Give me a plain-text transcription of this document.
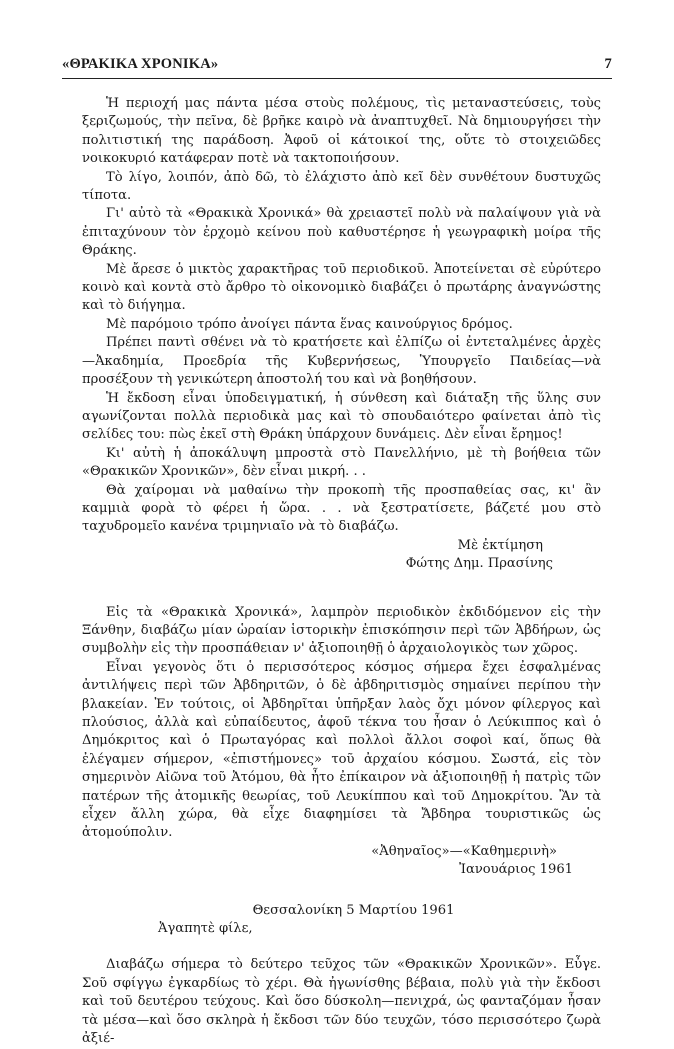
«ΘΡΑΚΙΚΑ ΧΡΟΝΙΚΑ»	7

Ἡ περιοχή μας πάντα μέσα στοὺς πολέμους, τὶς μεταναστεύσεις, τοὺς ξεριζωμούς, τὴν πεῖνα, δὲ βρῆκε καιρὸ νὰ ἀναπτυχθεῖ. Νὰ δημιουργήσει τὴν πολιτιστική της παράδοση. Ἀφοῦ οἱ κάτοικοί της, οὔτε τὸ στοιχειῶδες νοικοκυριό κατάφεραν ποτὲ νὰ τακτοποιήσουν.

Τὸ λίγο, λοιπόν, ἀπὸ δῶ, τὸ ἐλάχιστο ἀπὸ κεῖ δὲν συνθέτουν δυστυχῶς τίποτα.

Γι' αὐτὸ τὰ «Θρακικὰ Χρονικά» θὰ χρειαστεῖ πολὺ νὰ παλαίψουν γιὰ νὰ ἐπιταχύνουν τὸν ἐρχομὸ κείνου ποὺ καθυστέρησε ἡ γεωγραφικὴ μοίρα τῆς Θράκης.

Μὲ ἄρεσε ὁ μικτὸς χαρακτῆρας τοῦ περιοδικοῦ. Ἀποτείνεται σὲ εὐρύτερο κοινὸ καὶ κοντὰ στὸ ἄρθρο τὸ οἰκονομικὸ διαβάζει ὁ πρωτάρης ἀναγνώστης καὶ τὸ διήγημα.

Μὲ παρόμοιο τρόπο ἀνοίγει πάντα ἕνας καινούργιος δρόμος.

Πρέπει παντὶ σθένει νὰ τὸ κρατήσετε καὶ ἐλπίζω οἱ ἐντεταλμένες ἀρχὲς—Ἀκαδημία, Προεδρία τῆς Κυβερνήσεως, Ὑπουργεῖο Παιδείας—νὰ προσέξουν τὴ γενικώτερη ἀποστολή του καὶ νὰ βοηθήσουν.

Ἡ ἔκδοση εἶναι ὑποδειγματική, ἡ σύνθεση καὶ διάταξη τῆς ὕλης συν αγωνίζονται πολλὰ περιοδικὰ μας καὶ τὸ σπουδαιότερο φαίνεται ἀπὸ τὶς σελίδες του: πὼς ἐκεῖ στὴ Θράκη ὑπάρχουν δυνάμεις. Δὲν εἶναι ἔρημος!

Κι' αὐτὴ ἡ ἀποκάλυψη μπροστὰ στὸ Πανελλήνιο, μὲ τὴ βοήθεια τῶν «Θρακικῶν Χρονικῶν», δὲν εἶναι μικρή. . .

Θὰ χαίρομαι νὰ μαθαίνω τὴν προκοπὴ τῆς προσπαθείας σας, κι' ἂν καμμιὰ φορὰ τὸ φέρει ἡ ὥρα. . . νὰ ξεστρατίσετε, βάζετέ μου στὸ ταχυδρομεῖο κανένα τριμηνιαῖο νὰ τὸ διαβάζω.

Μὲ ἐκτίμηση

Φώτης Δημ. Πρασίνης

Εἰς τὰ «Θρακικὰ Χρονικά», λαμπρὸν περιοδικὸν ἐκδιδόμενον εἰς τὴν Ξάνθην, διαβάζω μίαν ὡραίαν ἱστορικὴν ἐπισκόπησιν περὶ τῶν Ἀβδήρων, ὡς συμβολὴν εἰς τὴν προσπάθειαν ν' ἀξιοποιηθῇ ὁ ἀρχαιολογικὸς των χῶρος.

Εἶναι γεγονὸς ὅτι ὁ περισσότερος κόσμος σήμερα ἔχει ἐσφαλμένας ἀντιλήψεις περὶ τῶν Ἀβδηριτῶν, ὁ δὲ ἀβδηριτισμὸς σημαίνει περίπου τὴν βλακείαν. Ἐν τούτοις, οἱ Ἀβδηρῖται ὑπῆρξαν λαὸς ὄχι μόνον φίλεργος καὶ πλούσιος, ἀλλὰ καὶ εὐπαίδευτος, ἀφοῦ τέκνα του ἦσαν ὁ Λεύκιππος καὶ ὁ Δημόκριτος καὶ ὁ Πρωταγόρας καὶ πολλοὶ ἄλλοι σοφοὶ καί, ὅπως θὰ ἐλέγαμεν σήμερον, «ἐπιστήμονες» τοῦ ἀρχαίου κόσμου. Σωστά, εἰς τὸν σημερινὸν Αἰῶνα τοῦ Ἀτόμου, θὰ ἦτο ἐπίκαιρον νὰ ἀξιοποιηθῇ ἡ πατρὶς τῶν πατέρων τῆς ἀτομικῆς θεωρίας, τοῦ Λευκίππου καὶ τοῦ Δημοκρίτου. Ἂν τὰ εἶχεν ἄλλη χώρα, θὰ εἶχε διαφημίσει τὰ Ἄβδηρα τουριστικῶς ὡς ἀτομούπολιν.

«Ἀθηναῖος»—«Καθημερινὴ»

Ἰανουάριος 1961

Θεσσαλονίκη 5 Μαρτίου 1961

Ἀγαπητὲ φίλε,

Διαβάζω σήμερα τὸ δεύτερο τεῦχος τῶν «Θρακικῶν Χρονικῶν». Εὖγε. Σοῦ σφίγγω ἐγκαρδίως τὸ χέρι. Θὰ ἠγωνίσθης βέβαια, πολὺ γιὰ τὴν ἔκδοσι καὶ τοῦ δευτέρου τεύχους. Καὶ ὅσο δύσκολη—πενιχρά, ὡς φανταζόμαν ἦσαν τὰ μέσα—καὶ ὅσο σκληρὰ ἡ ἔκδοσι τῶν δύο τευχῶν, τόσο περισσότερο ζωρὰ ἀξιέ-
